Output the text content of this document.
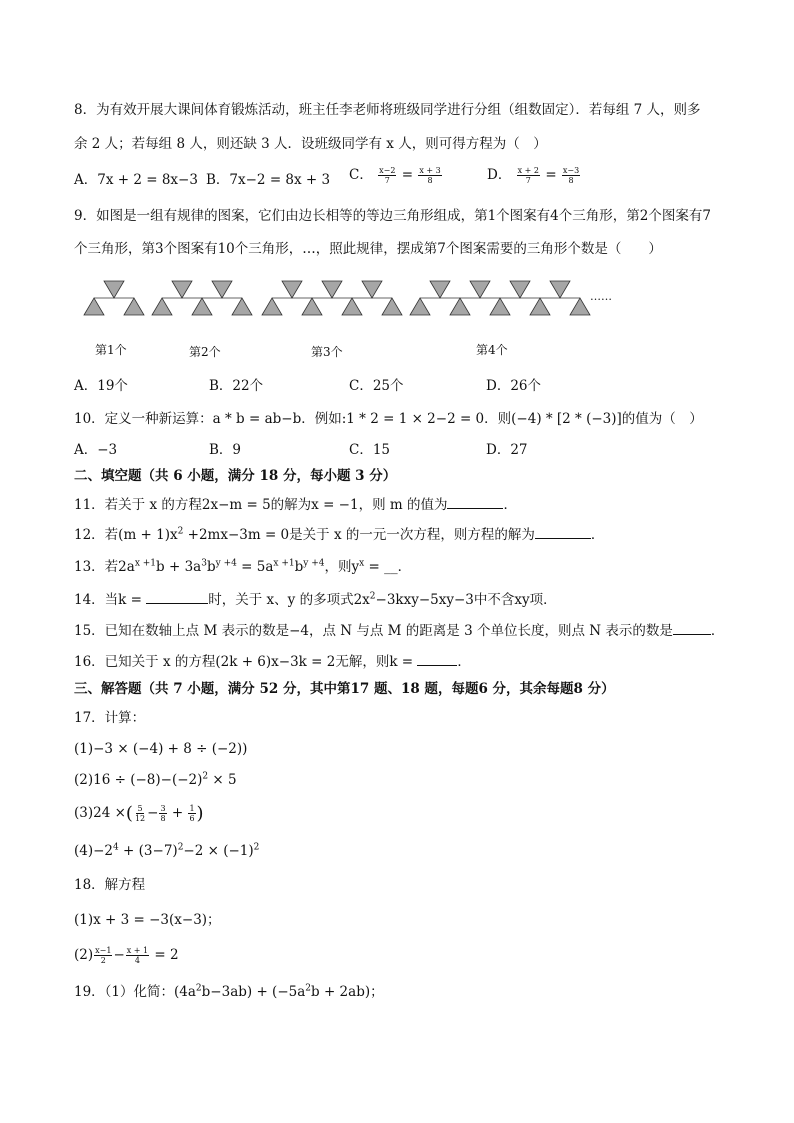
8．为有效开展大课间体育锻炼活动，班主任李老师将班级同学进行分组（组数固定）．若每组 7 人，则多
余 2 人；若每组 8 人，则还缺 3 人．设班级同学有 x 人，则可得方程为（　）
A．7x + 2 = 8x−3 B．7x−2 = 8x + 3 C． $\frac{x-2}{7} = \frac{x + 3}{8}$	D． $\frac{x + 2}{7} = \frac{x-3}{8}$
9．如图是一组有规律的图案，它们由边长相等的等边三角形组成，第1个图案有4个三角形，第2个图案有7
个三角形，第3个图案有10个三角形，…，照此规律，摆成第7个图案需要的三角形个数是（　　）
……
第1个	第2个	第3个	第4个
A．19个	B．22个	C．25个	D．26个
10．定义一种新运算：a * b = ab−b．例如:1 * 2 = 1 × 2−2 = 0．则(−4) * [2 * (−3)]的值为（　）
A．−3	B．9	C．15	D．27
二、填空题（共 6 小题，满分 18 分，每小题 3 分）
11．若关于 x 的方程2x−m = 5的解为x = −1，则 m 的值为	．
12．若$(m + 1)x^2 +2mx-3m = 0$是关于 x 的一元一次方程，则方程的解为	．
13．若$2a^{x +1}b + 3a^3b^{y +4} = 5a^{x +1}b^{y +4}$，则$y^x$ = __．
14．当k =	时，关于 x、y 的多项式$2x^2-3kxy-5xy-3$中不含xy项．
15．已知在数轴上点 M 表示的数是−4，点 N 与点 M 的距离是 3 个单位长度，则点 N 表示的数是	．
16．已知关于 x 的方程(2k + 6)x−3k = 2无解，则k =	．
三、解答题（共 7 小题，满分 52 分，其中第17 题、18 题，每题6 分，其余每题8 分）
17．计算：
(1)−3 × (−4) + 8 ÷ (−2))
$(2)16 \div (-8)-(-2)^2 \times 5$
(3)24 ×( $\frac{5}{12} - \frac{3}{8} + \frac{1}{6}$ )
$(4)-2^4 + (3-7)^2-2 \times (-1)^2$
18．解方程
(1)x + 3 = −3(x−3)；
$(2) \frac{x-1}{2} - \frac{x + 1}{4} = 2$
19．（1）化简：$(4a^2b-3ab) + (-5a^2b + 2ab)$；
